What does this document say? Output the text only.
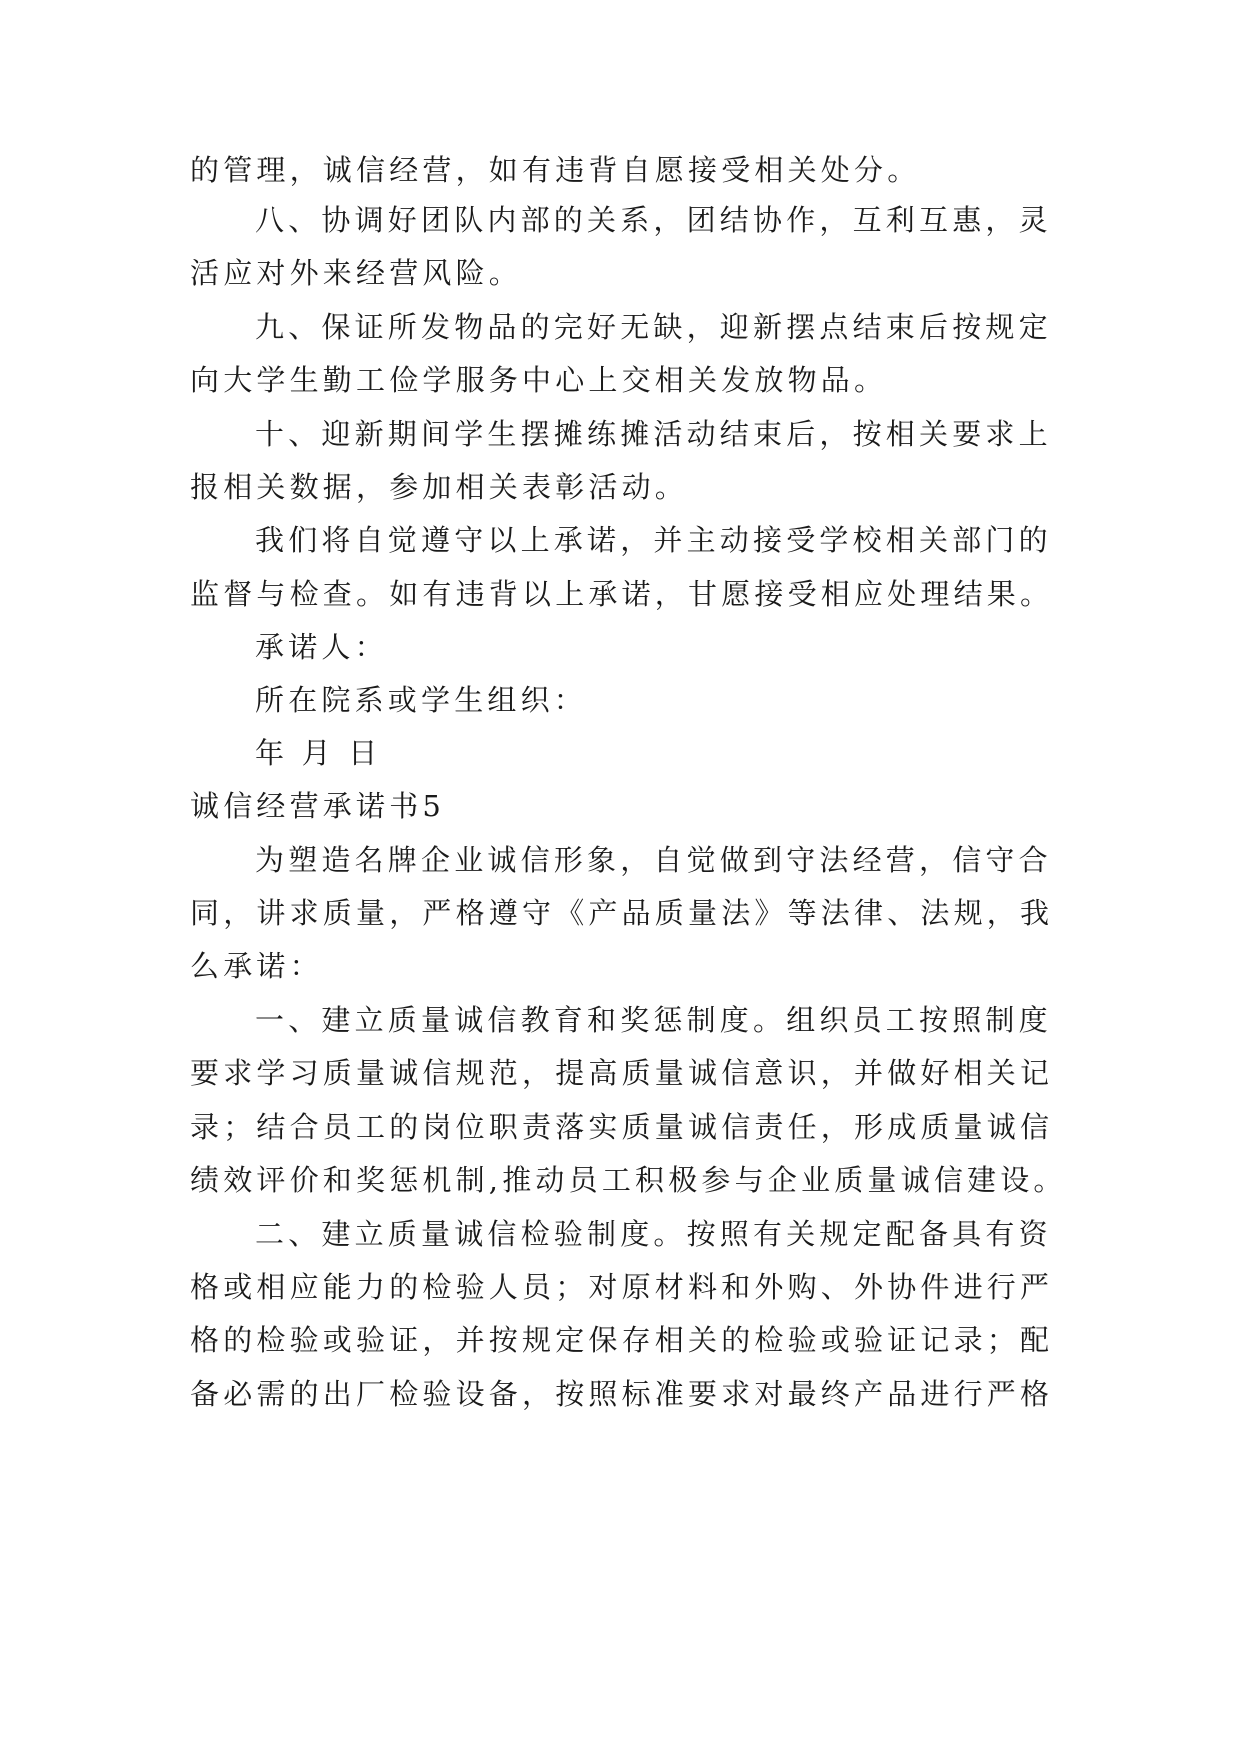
的管理，诚信经营，如有违背自愿接受相关处分。
八、协调好团队内部的关系，团结协作，互利互惠，灵
活应对外来经营风险。
九、保证所发物品的完好无缺，迎新摆点结束后按规定
向大学生勤工俭学服务中心上交相关发放物品。
十、迎新期间学生摆摊练摊活动结束后，按相关要求上
报相关数据，参加相关表彰活动。
我们将自觉遵守以上承诺，并主动接受学校相关部门的
监督与检查。如有违背以上承诺，甘愿接受相应处理结果。
承诺人：
所在院系或学生组织：
年 月 日
诚信经营承诺书5
为塑造名牌企业诚信形象，自觉做到守法经营，信守合
同，讲求质量，严格遵守《产品质量法》等法律、法规，我
么承诺：
一、建立质量诚信教育和奖惩制度。组织员工按照制度
要求学习质量诚信规范，提高质量诚信意识，并做好相关记
录；结合员工的岗位职责落实质量诚信责任，形成质量诚信
绩效评价和奖惩机制,推动员工积极参与企业质量诚信建设。
二、建立质量诚信检验制度。按照有关规定配备具有资
格或相应能力的检验人员；对原材料和外购、外协件进行严
格的检验或验证，并按规定保存相关的检验或验证记录；配
备必需的出厂检验设备，按照标准要求对最终产品进行严格
